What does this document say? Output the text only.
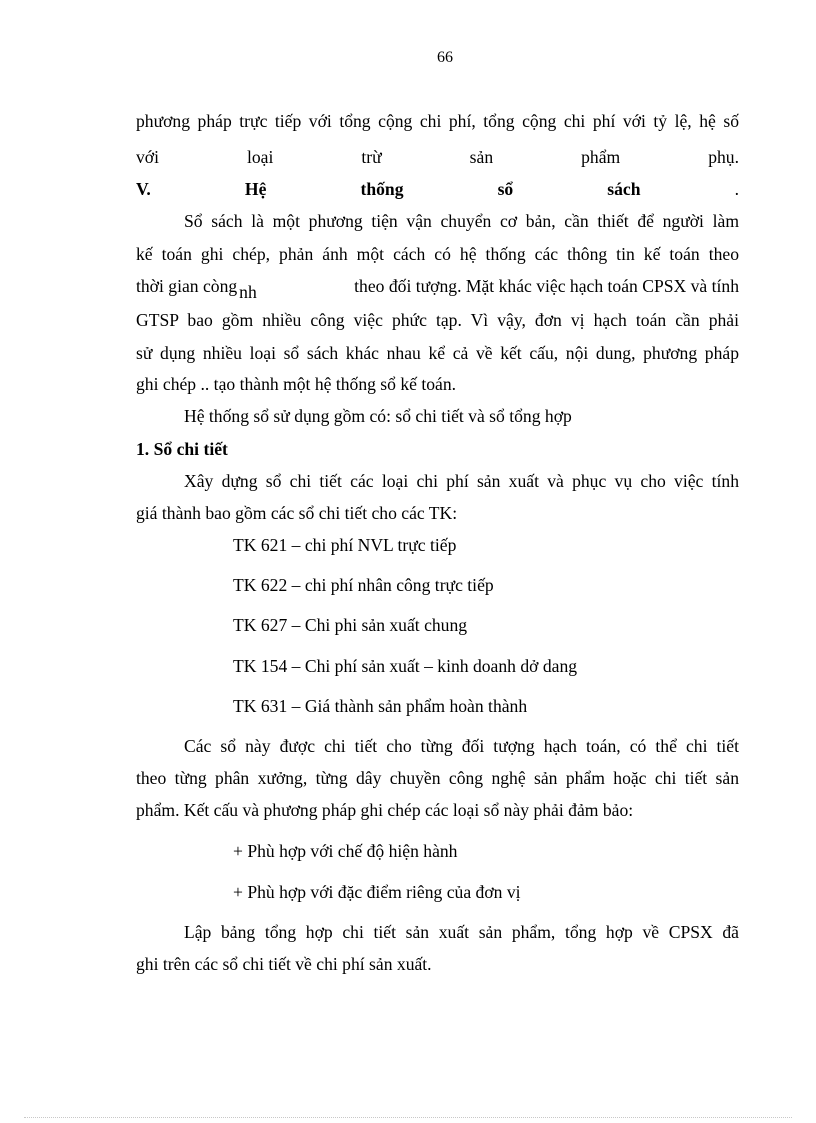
66
phương pháp trực tiếp với tổng cộng chi phí, tổng cộng chi phí với tỷ lệ, hệ số
với loại trừ sản phẩm phụ.
V.	Hệ	thống	sổ	sách	.
Sổ sách là một phương tiện vận chuyển cơ bản, cần thiết để người làm
kế toán ghi chép, phản ánh một cách có hệ thống các thông tin kế toán theo
thời gian còng nh	theo đối tượng. Mặt khác việc hạch toán CPSX và tính
GTSP bao gồm nhiều công việc phức tạp. Vì vậy, đơn vị hạch toán cần phải
sử dụng nhiều loại sổ sách khác nhau kể cả về kết cấu, nội dung, phương pháp
ghi chép .. tạo thành một hệ thống sổ kế toán.
Hệ thống sổ sử dụng gồm có: sổ chi tiết và sổ tổng hợp
1. Sổ chi tiết
Xây dựng sổ chi tiết các loại chi phí sản xuất và phục vụ cho việc tính
giá thành bao gồm các sổ chi tiết cho các TK:
TK 621 – chi phí NVL trực tiếp
TK 622 – chi phí nhân công trực tiếp
TK 627 – Chi phi sản xuất chung
TK 154 – Chi phí sản xuất – kinh doanh dở dang
TK 631 – Giá thành sản phẩm hoàn thành
Các sổ này được chi tiết cho từng đối tượng hạch toán, có thể chi tiết
theo từng phân xưởng, từng dây chuyền công nghệ sản phẩm hoặc chi tiết sản
phẩm. Kết cấu và phương pháp ghi chép các loại sổ này phải đảm bảo:
+ Phù hợp với chế độ hiện hành
+ Phù hợp với đặc điểm riêng của đơn vị
Lập bảng tổng hợp chi tiết sản xuất sản phẩm, tổng hợp về CPSX đã
ghi trên các sổ chi tiết về chi phí sản xuất.
